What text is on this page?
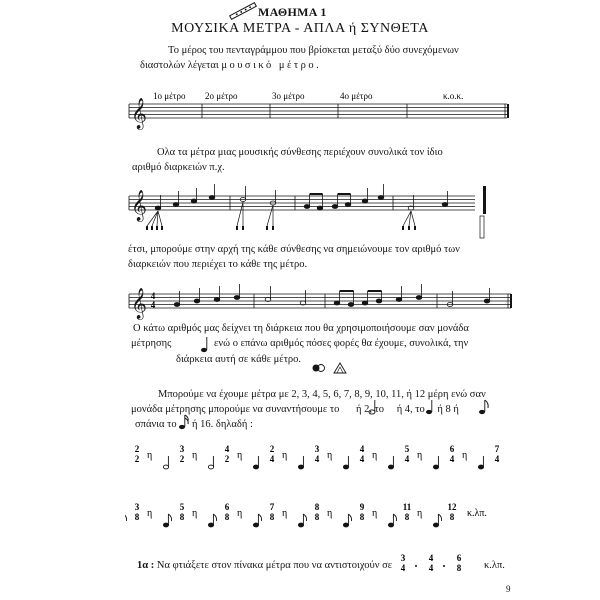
ΜΑΘΗΜΑ 1
ΜΟΥΣΙΚΑ ΜΕΤΡΑ - ΑΠΛΑ ή ΣΥΝΘΕΤΑ
Το μέρος του πενταγράμμου που βρίσκεται μεταξύ δύο συνεχόμενων
διαστολών λέγεται μουσικό μέτρο.
𝄞
1ο μέτρο 2ο μέτρο	3ο μέτρο	4ο μέτρο	κ.ο.κ.
Ολα τα μέτρα μιας μουσικής σύνθεσης περιέχουν συνολικά τον ίδιο
αριθμό διαρκειών π.χ.
𝄞
έτσι, μπορούμε στην αρχή της κάθε σύνθεσης να σημειώνουμε τον αριθμό των
διαρκειών που περιέχει το κάθε της μέτρο.
𝄞 4
4
Ο κάτω αριθμός μας δείχνει τη διάρκεια που θα χρησιμοποιήσουμε σαν μονάδα
μέτρησης	ενώ ο επάνω αριθμός πόσες φορές θα έχουμε, συνολικά, την
διάρκεια αυτή σε κάθε μέτρο.
Μπορούμε να έχουμε μέτρα με 2, 3, 4, 5, 6, 7, 8, 9, 10, 11, ή 12 μέρη ενώ σαν
μονάδα μέτρησης μπορούμε να συναντήσουμε το ή 2, το ή 4, το ή 8 ή
σπάνια το ή 16. δηλαδή :
2
2 η
3
2 η
4
2 η
2
4 η
3
4 η
4
4 η
5
4 η
6
4 η
7
4
3
8 η
5
8 η
6
8 η
7
8 η
8
8 η
9
8 η
11
8 η
12
8 κ.λπ.
1α : Να φτιάξετε στον πίνακα μέτρα που να αντιστοιχούν σε
3
4
4
4
6
8 κ.λπ.
9
